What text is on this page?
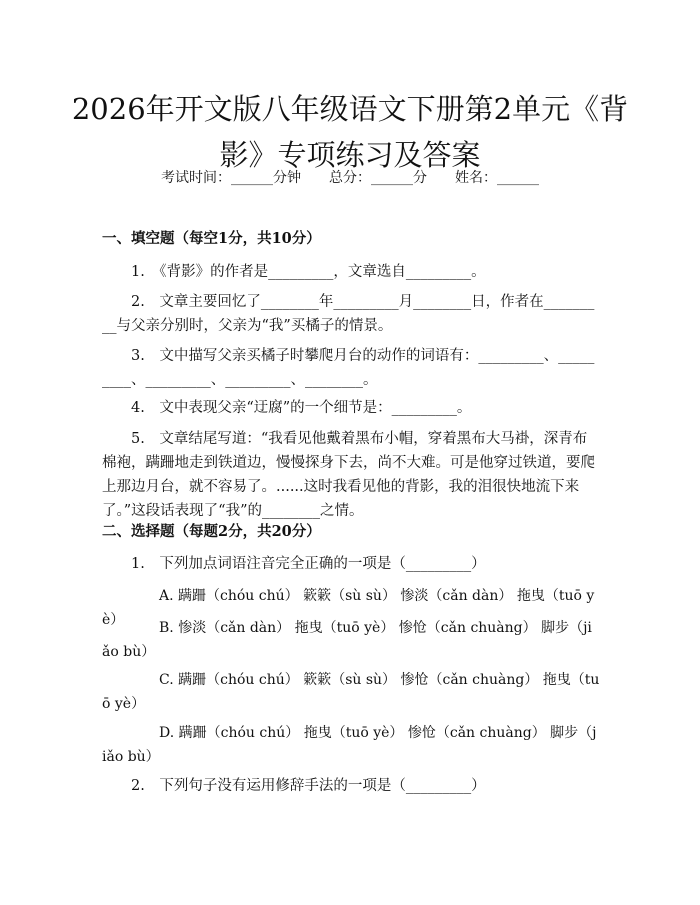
2026年开文版八年级语文下册第2单元《背影》专项练习及答案
考试时间：______分钟 总分：______分 姓名：______
一、填空题（每空1分，共10分）

1.　《背影》的作者是_________，文章选自_________。

2.　文章主要回忆了________年_________月________日，作者在_________与父亲分别时，父亲为“我”买橘子的情景。

3.　文中描写父亲买橘子时攀爬月台的动作的词语有：_________、_________、_________、_________、________。

4.　文中表现父亲“迂腐”的一个细节是：_________。

5.　文章结尾写道：“我看见他戴着黑布小帽，穿着黑布大马褂，深青布棉袍，蹒跚地走到铁道边，慢慢探身下去，尚不大难。可是他穿过铁道，要爬上那边月台，就不容易了。......这时我看见他的背影，我的泪很快地流下来了。”这段话表现了“我”的________之情。

二、选择题（每题2分，共20分）

1.　下列加点词语注音完全正确的一项是（_________）

A. 蹒跚（chóu chú） 簌簌（sù sù） 惨淡（cǎn dàn） 拖曳（tuō yè）	B. 惨淡（cǎn dàn） 拖曳（tuō yè） 惨怆（cǎn chuàng） 脚步（jiǎo bù）

C. 蹒跚（chóu chú） 簌簌（sù sù） 惨怆（cǎn chuàng） 拖曳（tuō yè）

D. 蹒跚（chóu chú） 拖曳（tuō yè） 惨怆（cǎn chuàng） 脚步（jiǎo bù）

2.　下列句子没有运用修辞手法的一项是（_________）
